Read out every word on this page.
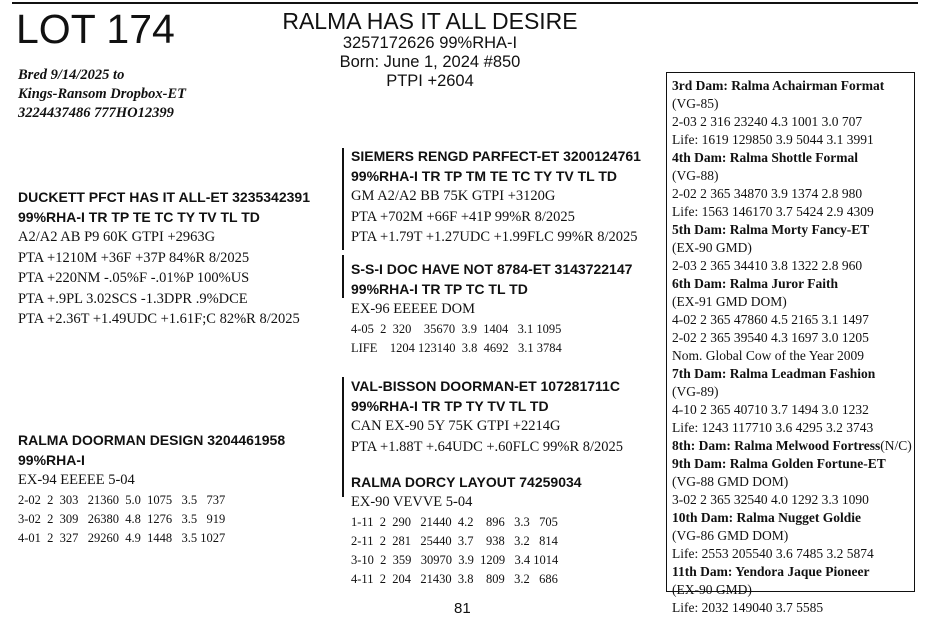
LOT 174	RALMA HAS IT ALL DESIRE
3257172626 99%RHA-I
Born: June 1, 2024 #850
PTPI +2604
Bred 9/14/2025 to
Kings-Ransom Dropbox-ET
3224437486 777HO12399
DUCKETT PFCT HAS IT ALL-ET 3235342391
99%RHA-I TR TP TE TC TY TV TL TD
A2/A2 AB P9 60K GTPI +2963G
PTA +1210M +36F +37P 84%R 8/2025
PTA +220NM -.05%F -.01%P 100%US
PTA +.9PL 3.02SCS -1.3DPR .9%DCE
PTA +2.36T +1.49UDC +1.61F;C 82%R 8/2025
RALMA DOORMAN DESIGN 3204461958
99%RHA-I
EX-94 EEEEE 5-04
2-02  2  303   21360  5.0  1075   3.5   737
3-02  2  309   26380  4.8  1276   3.5   919
4-01  2  327   29260  4.9  1448   3.5 1027
SIEMERS RENGD PARFECT-ET 3200124761
99%RHA-I TR TP TM TE TC TY TV TL TD
GM A2/A2 BB 75K GTPI +3120G
PTA +702M +66F +41P 99%R 8/2025
PTA +1.79T +1.27UDC +1.99FLC 99%R 8/2025
S-S-I DOC HAVE NOT 8784-ET 3143722147
99%RHA-I TR TP TC TL TD
EX-96 EEEEE DOM
4-05  2  320    35670  3.9  1404   3.1 1095
LIFE    1204 123140  3.8  4692   3.1 3784
VAL-BISSON DOORMAN-ET 107281711C
99%RHA-I TR TP TY TV TL TD
CAN EX-90 5Y 75K GTPI +2214G
PTA +1.88T +.64UDC +.60FLC 99%R 8/2025
RALMA DORCY LAYOUT 74259034
EX-90 VEVVE 5-04
1-11  2  290   21440  4.2    896   3.3   705
2-11  2  281   25440  3.7    938   3.2   814
3-10  2  359   30970  3.9  1209   3.4 1014
4-11  2  204   21430  3.8    809   3.2   686
3rd Dam: Ralma Achairman Format
(VG-85)
2-03 2 316 23240 4.3 1001 3.0 707
Life: 1619 129850 3.9 5044 3.1 3991
4th Dam: Ralma Shottle Formal
(VG-88)
2-02 2 365 34870 3.9 1374 2.8 980
Life: 1563 146170 3.7 5424 2.9 4309
5th Dam: Ralma Morty Fancy-ET
(EX-90 GMD)
2-03 2 365 34410 3.8 1322 2.8 960
6th Dam: Ralma Juror Faith
(EX-91 GMD DOM)
4-02 2 365 47860 4.5 2165 3.1 1497
2-02 2 365 39540 4.3 1697 3.0 1205
Nom. Global Cow of the Year 2009
7th Dam: Ralma Leadman Fashion
(VG-89)
4-10 2 365 40710 3.7 1494 3.0 1232
Life: 1243 117710 3.6 4295 3.2 3743
8th: Dam: Ralma Melwood Fortress(N/C)
9th Dam: Ralma Golden Fortune-ET
(VG-88 GMD DOM)
3-02 2 365 32540 4.0 1292 3.3 1090
10th Dam: Ralma Nugget Goldie
(VG-86 GMD DOM)
Life: 2553 205540 3.6 7485 3.2 5874
11th Dam: Yendora Jaque Pioneer
(EX-90 GMD)
Life: 2032 149040 3.7 5585
81
